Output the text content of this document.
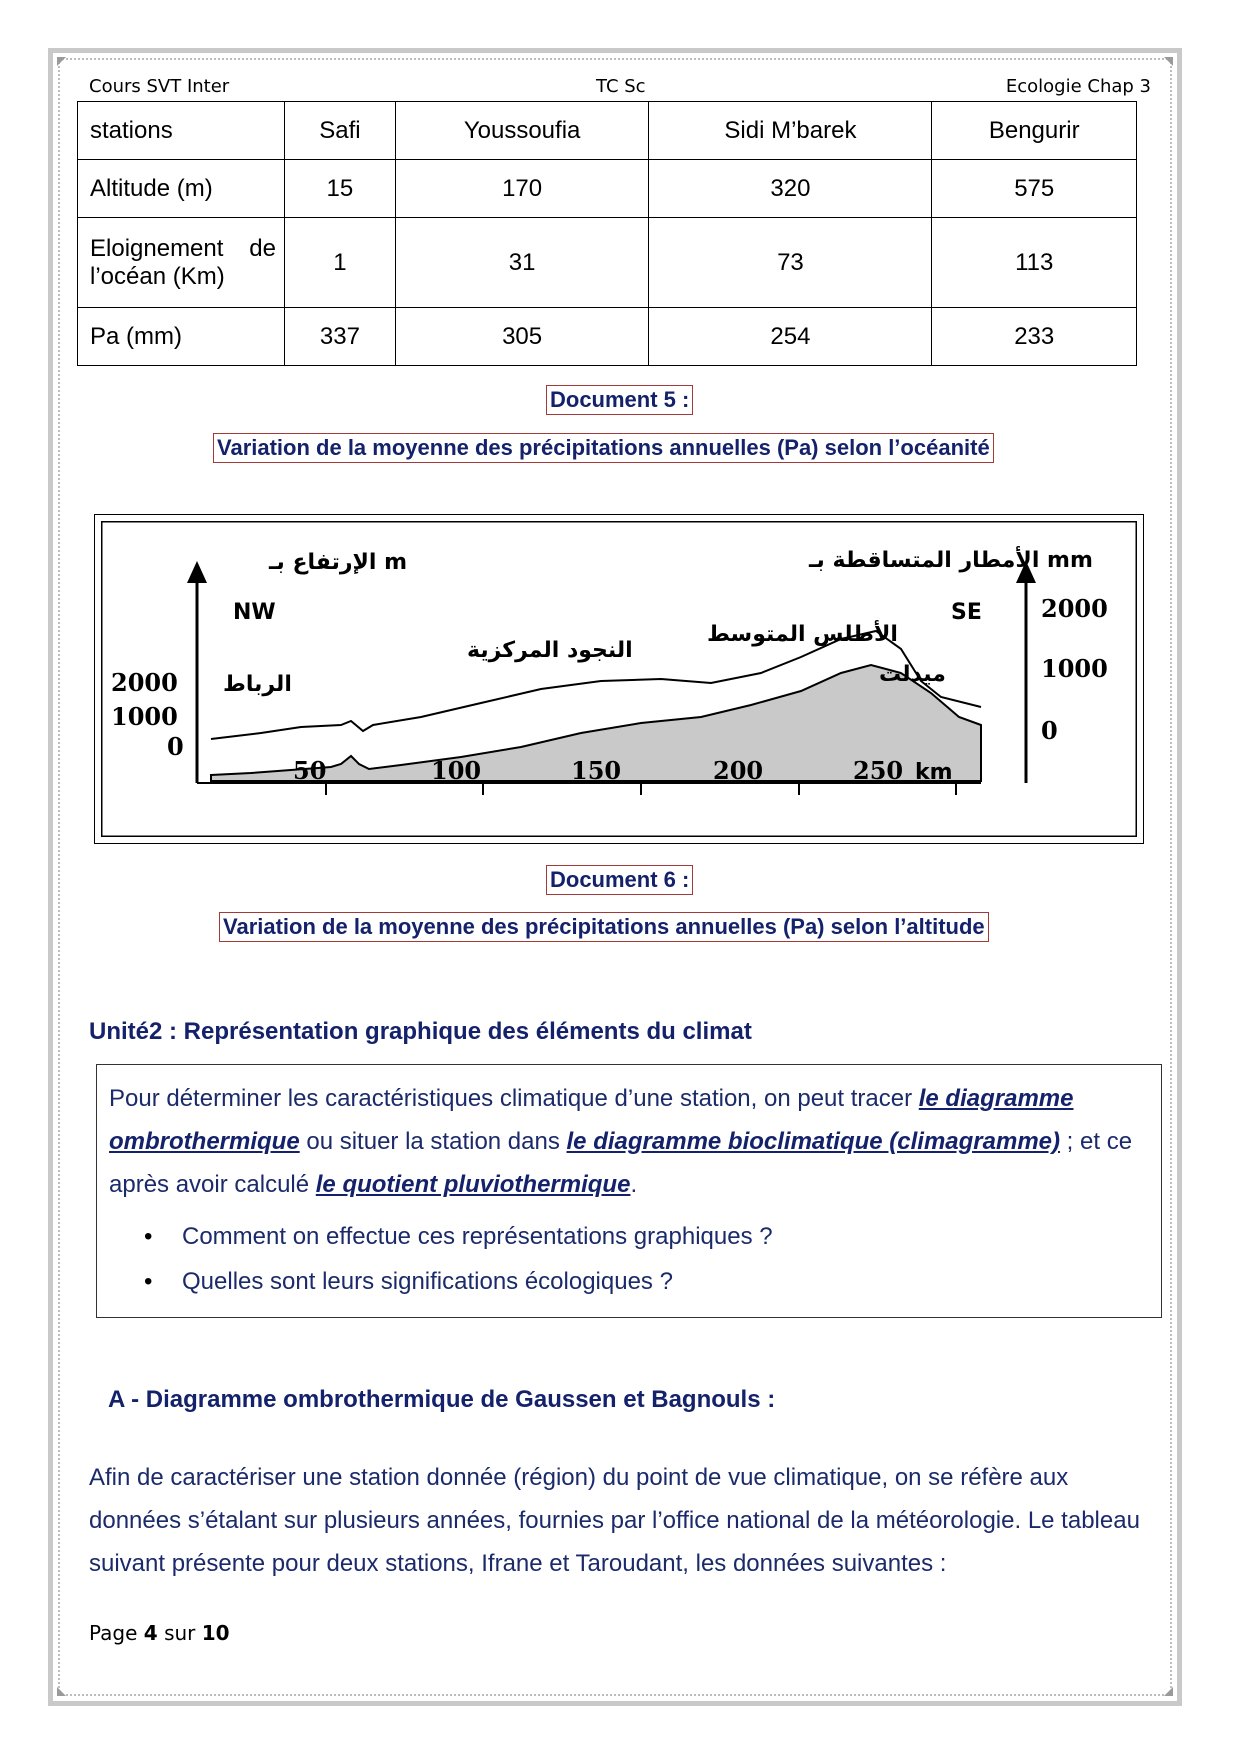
Cours SVT Inter	TC Sc	Ecologie Chap 3
stations	Safi	Youssoufia	Sidi M’barek	Bengurir
Altitude (m)	15	170	320	575

Eloignement de
l’océan (Km)	1	31	73	113
Pa (mm)	337	305	254	233
Document 5 :
Variation de la moyenne des précipitations annuelles (Pa) selon l’océanité
الإرتفاع بـ m	الأمطار المتساقطة بـ mm
NW	SE
2000
1000
0
2000
1000
0
50	100	150	200	250 km
الرباط
النجود المركزية
الأطلس المتوسط
ميدلت
Document 6 :
Variation de la moyenne des précipitations annuelles (Pa) selon l’altitude
Unité2 : Représentation graphique des éléments du climat

Pour déterminer les caractéristiques climatique d’une station, on peut tracer le diagramme ombrothermique ou situer la station dans le diagramme bioclimatique (climagramme) ; et ce après avoir calculé le quotient pluviothermique.

• Comment on effectue ces représentations graphiques ?
• Quelles sont leurs significations écologiques ?
A - Diagramme ombrothermique de Gaussen et Bagnouls :
Afin de caractériser une station donnée (région) du point de vue climatique, on se réfère aux données s’étalant sur plusieurs années, fournies par l’office national de la météorologie. Le tableau suivant présente pour deux stations, Ifrane et Taroudant, les données suivantes :
Page 4 sur 10
